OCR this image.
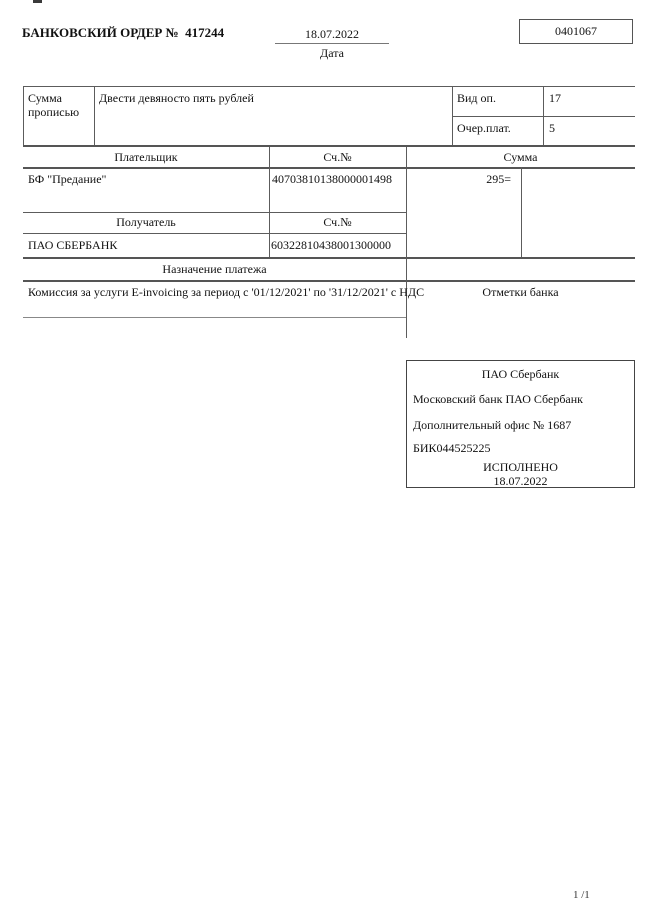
БАНКОВСКИЙ ОРДЕР №  417244	18.07.2022
Дата
0401067
Сумма
прописью
Двести девяносто пять рублей	Вид оп.	17
Очер.плат.	5
Плательщик	Сч.№	Сумма
БФ "Предание"	40703810138000001498	295=
Получатель	Сч.№
ПАО СБЕРБАНК	60322810438001300000
Назначение платежа
Комиссия за услуги E-invoicing за период с '01/12/2021' по '31/12/2021' с НДС	Отметки банка
ПАО Сбербанк
Московский банк ПАО Сбербанк
Дополнительный офис № 1687
БИК044525225
ИСПОЛНЕНО
18.07.2022
1 /1
